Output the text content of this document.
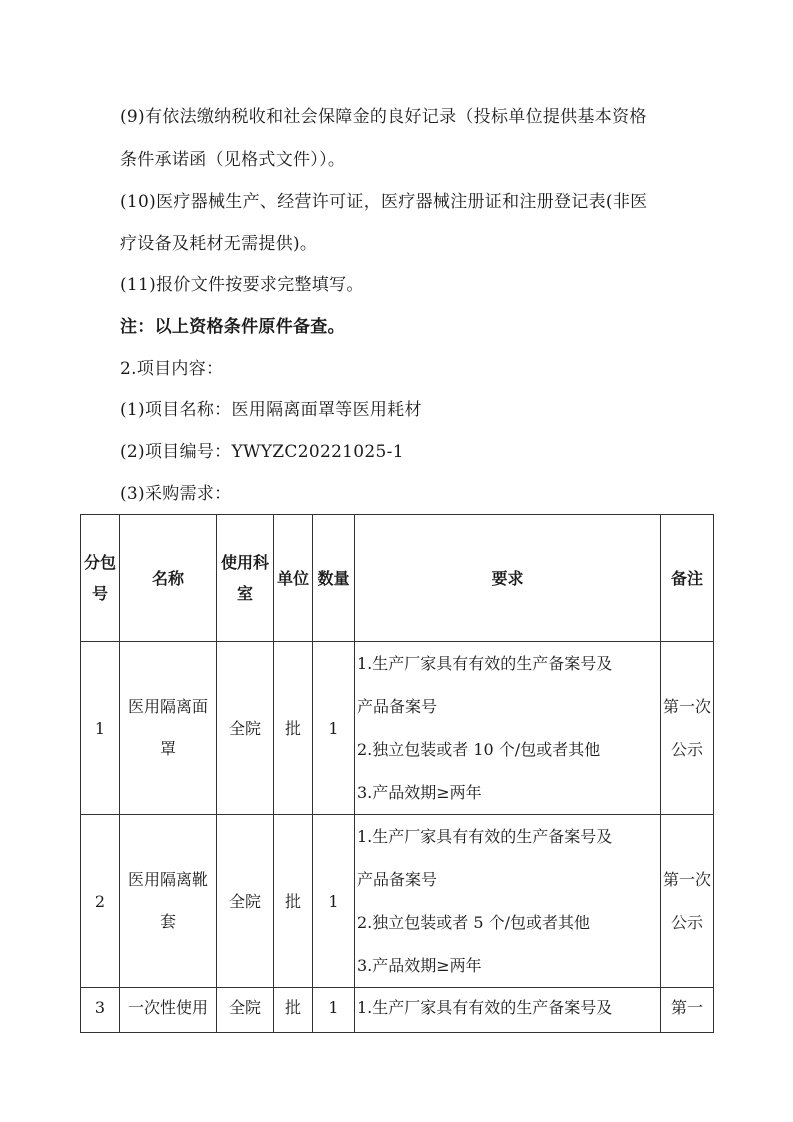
(9)有依法缴纳税收和社会保障金的良好记录（投标单位提供基本资格

条件承诺函（见格式文件））。

(10)医疗器械生产、经营许可证，医疗器械注册证和注册登记表(非医

疗设备及耗材无需提供)。

(11)报价文件按要求完整填写。

注：以上资格条件原件备查。

2.项目内容：

(1)项目名称：医用隔离面罩等医用耗材

(2)项目编号：YWYZC20221025-1

(3)采购需求：

分包号	名称	使用科室	单位	数量	要求	备注
1	医用隔离面罩	全院	批	1	1.生产厂家具有有效的生产备案号及
产品备案号
2.独立包装或者 10 个/包或者其他
3.产品效期≥两年	第一次公示
2	医用隔离靴套	全院	批	1	1.生产厂家具有有效的生产备案号及
产品备案号
2.独立包装或者 5 个/包或者其他
3.产品效期≥两年	第一次公示
3	一次性使用	全院	批	1	1.生产厂家具有有效的生产备案号及	第一
